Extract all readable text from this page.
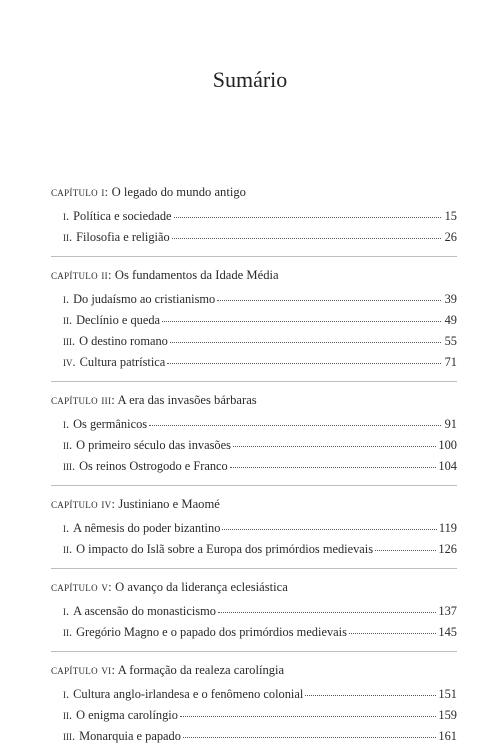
Sumário
capítulo i: O legado do mundo antigo
i. Política e sociedade	15
ii. Filosofia e religião	26
capítulo ii: Os fundamentos da Idade Média
i. Do judaísmo ao cristianismo	39
ii. Declínio e queda	49
iii. O destino romano	55
iv. Cultura patrística	71
capítulo iii: A era das invasões bárbaras
i. Os germânicos	91
ii. O primeiro século das invasões	100
iii. Os reinos Ostrogodo e Franco	104
capítulo iv: Justiniano e Maomé
i. A nêmesis do poder bizantino	119
ii. O impacto do Islã sobre a Europa dos primórdios medievais	126
capítulo v: O avanço da liderança eclesiástica
i. A ascensão do monasticismo	137
ii. Gregório Magno e o papado dos primórdios medievais	145
capítulo vi: A formação da realeza carolíngia
i. Cultura anglo-irlandesa e o fenômeno colonial	151
ii. O enigma carolíngio	159
iii. Monarquia e papado	161
